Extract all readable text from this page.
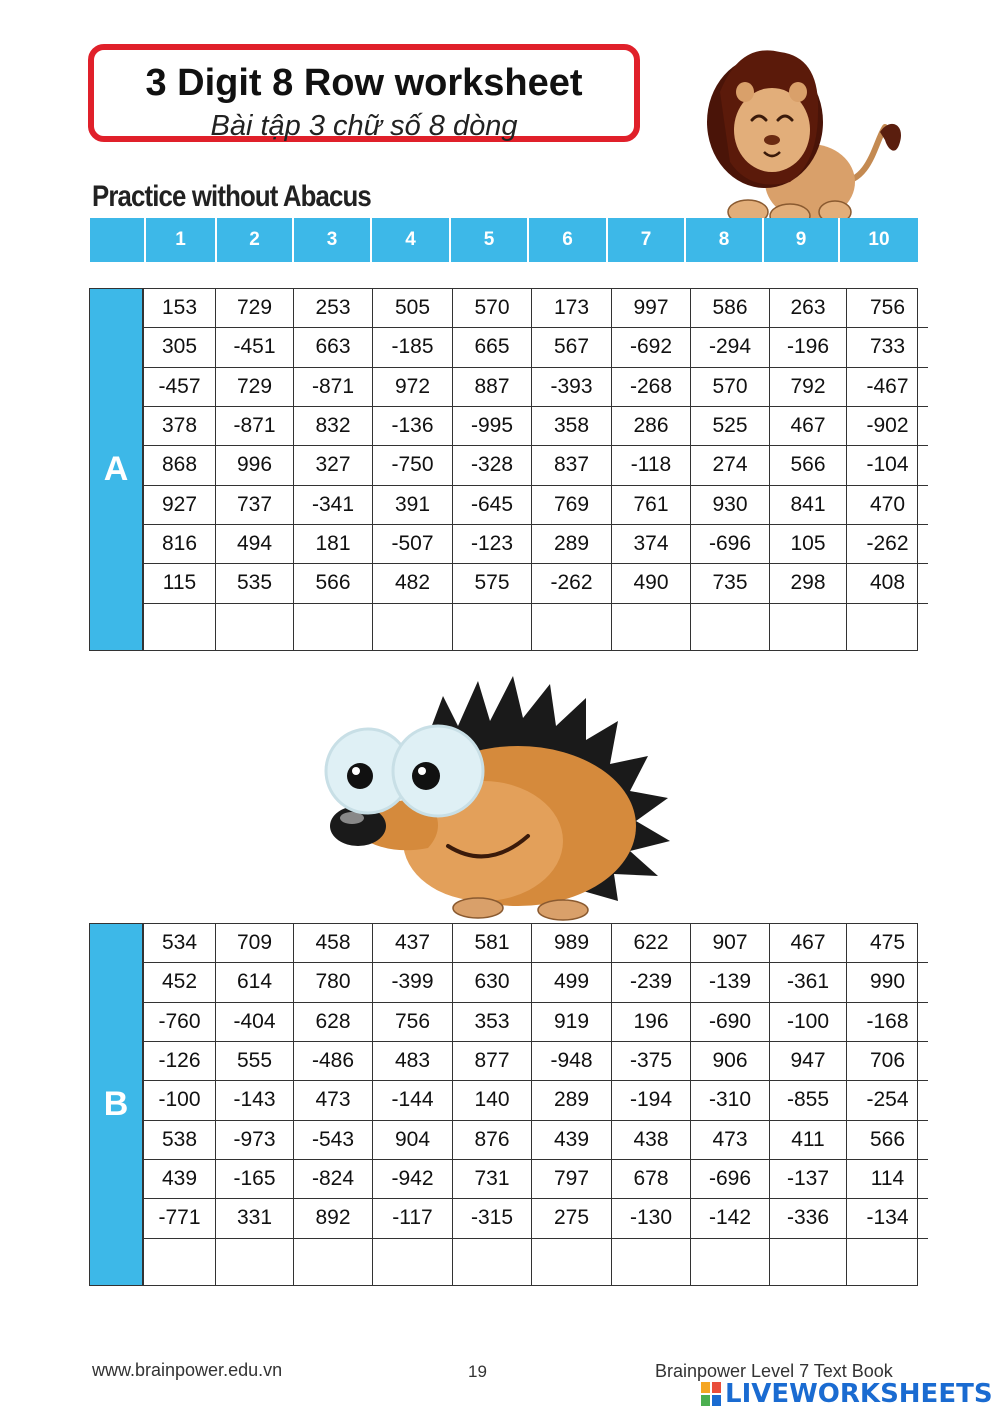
3 Digit 8 Row worksheet
Bài tập 3 chữ số 8 dòng
Practice without Abacus
1	2	3	4	5	6	7	8	9	10
A
153	729	253	505	570	173	997	586	263	756
305	-451	663	-185	665	567	-692	-294	-196	733
-457	729	-871	972	887	-393	-268	570	792	-467
378	-871	832	-136	-995	358	286	525	467	-902
868	996	327	-750	-328	837	-118	274	566	-104
927	737	-341	391	-645	769	761	930	841	470
816	494	181	-507	-123	289	374	-696	105	-262
115	535	566	482	575	-262	490	735	298	408

B
534	709	458	437	581	989	622	907	467	475
452	614	780	-399	630	499	-239	-139	-361	990
-760	-404	628	756	353	919	196	-690	-100	-168
-126	555	-486	483	877	-948	-375	906	947	706
-100	-143	473	-144	140	289	-194	-310	-855	-254
538	-973	-543	904	876	439	438	473	411	566
439	-165	-824	-942	731	797	678	-696	-137	114
-771	331	892	-117	-315	275	-130	-142	-336	-134

www.brainpower.edu.vn	19	Brainpower Level 7 Text Book
LIVEWORKSHEETS
